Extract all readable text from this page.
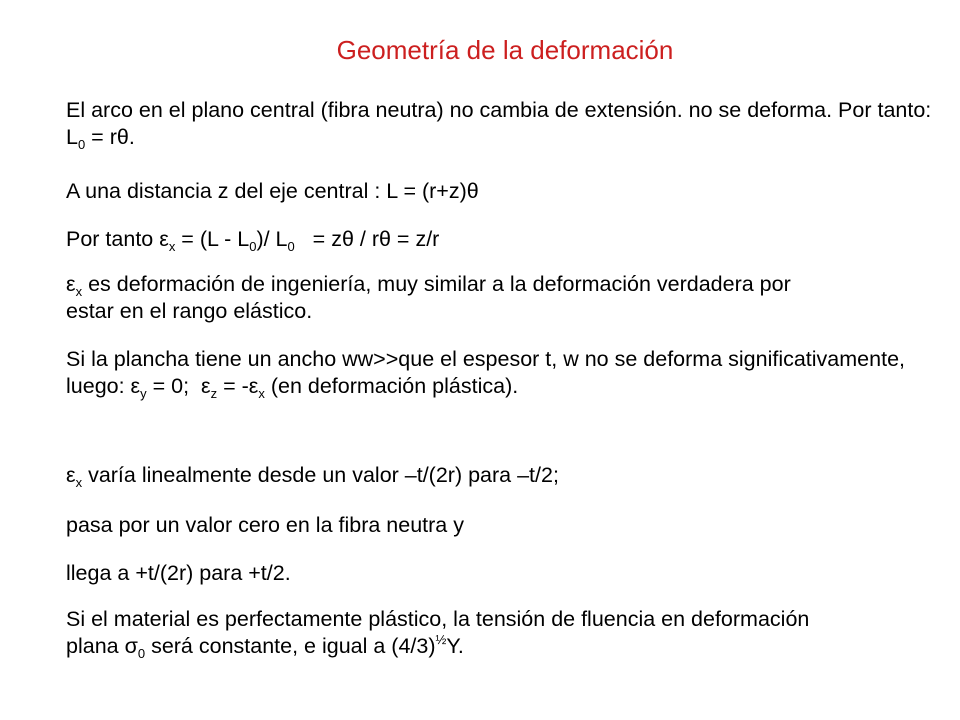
Geometría de la deformación
El arco en el plano central (fibra neutra) no cambia de extensión. no se deforma. Por tanto: $L_0 = r\theta$.
A una distancia z del eje central : L = (r+z)θ
Por tanto $\varepsilon_x = (L - L_0)/$ $L_0 = z\theta / r\theta = z/r$
$\varepsilon_x$ es deformación de ingeniería, muy similar a la deformación verdadera por estar en el rango elástico.
Si la plancha tiene un ancho ww>>que el espesor t, w no se deforma significativamente, luego: $\varepsilon_y = 0$;  $\varepsilon_z = -\varepsilon_x$ (en deformación plástica).
$\varepsilon_x$ varía linealmente desde un valor –t/(2r) para –t/2;
pasa por un valor cero en la fibra neutra y
llega a +t/(2r) para +t/2.
Si el material es perfectamente plástico, la tensión de fluencia en deformación plana $\sigma_0$ será constante, e igual a $(4/3)^{\frac{1}{2}}Y$.
